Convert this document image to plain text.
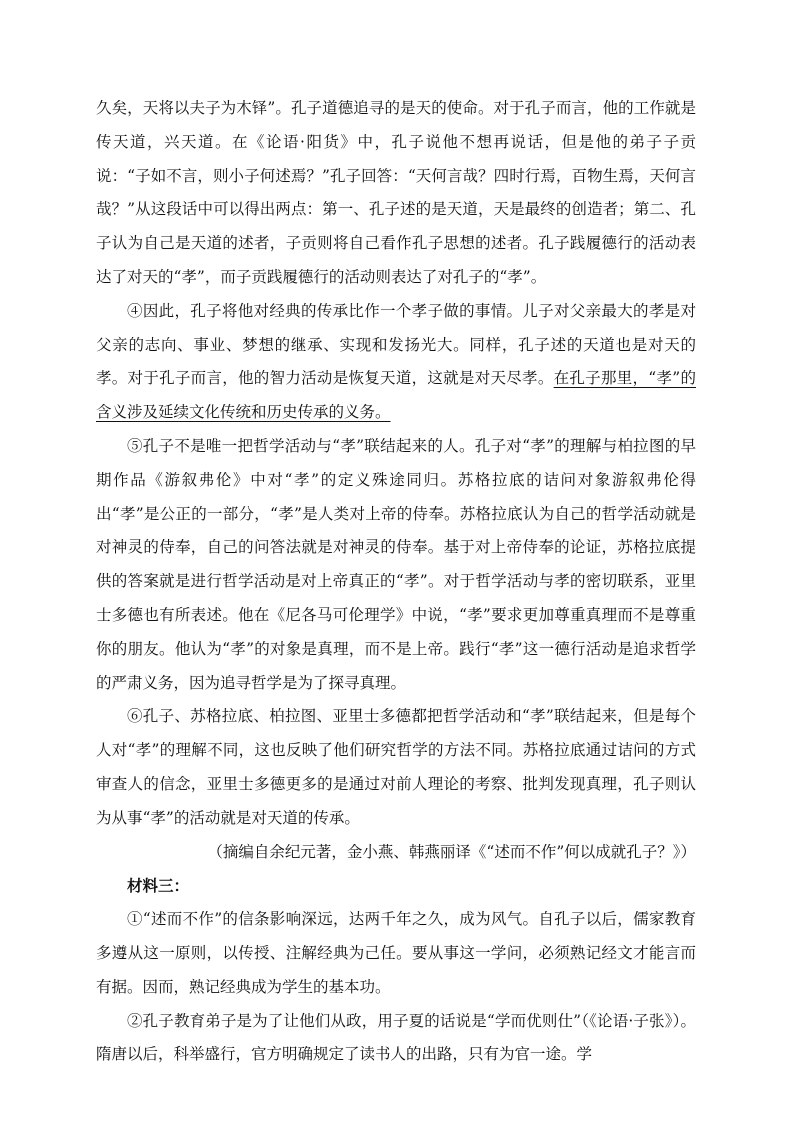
久矣，天将以夫子为木铎”。孔子道德追寻的是天的使命。对于孔子而言，他的工作就是传天道，兴天道。在《论语·阳货》中，孔子说他不想再说话，但是他的弟子子贡说：“子如不言，则小子何述焉？”孔子回答：“天何言哉？四时行焉，百物生焉，天何言哉？”从这段话中可以得出两点：第一、孔子述的是天道，天是最终的创造者；第二、孔子认为自己是天道的述者，子贡则将自己看作孔子思想的述者。孔子践履德行的活动表达了对天的“孝”，而子贡践履德行的活动则表达了对孔子的“孝”。

④因此，孔子将他对经典的传承比作一个孝子做的事情。儿子对父亲最大的孝是对父亲的志向、事业、梦想的继承、实现和发扬光大。同样，孔子述的天道也是对天的孝。对于孔子而言，他的智力活动是恢复天道，这就是对天尽孝。在孔子那里，“孝”的含义涉及延续文化传统和历史传承的义务。

⑤孔子不是唯一把哲学活动与“孝”联结起来的人。孔子对“孝”的理解与柏拉图的早期作品《游叙弗伦》中对“孝”的定义殊途同归。苏格拉底的诘问对象游叙弗伦得出“孝”是公正的一部分，“孝”是人类对上帝的侍奉。苏格拉底认为自己的哲学活动就是对神灵的侍奉，自己的问答法就是对神灵的侍奉。基于对上帝侍奉的论证，苏格拉底提供的答案就是进行哲学活动是对上帝真正的“孝”。对于哲学活动与孝的密切联系，亚里士多德也有所表述。他在《尼各马可伦理学》中说，“孝”要求更加尊重真理而不是尊重你的朋友。他认为“孝”的对象是真理，而不是上帝。践行“孝”这一德行活动是追求哲学的严肃义务，因为追寻哲学是为了探寻真理。

⑥孔子、苏格拉底、柏拉图、亚里士多德都把哲学活动和“孝”联结起来，但是每个人对“孝”的理解不同，这也反映了他们研究哲学的方法不同。苏格拉底通过诘问的方式审查人的信念，亚里士多德更多的是通过对前人理论的考察、批判发现真理，孔子则认为从事“孝”的活动就是对天道的传承。

（摘编自余纪元著，金小燕、韩燕丽译《“述而不作”何以成就孔子？》）

材料三：

①“述而不作”的信条影响深远，达两千年之久，成为风气。自孔子以后，儒家教育多遵从这一原则，以传授、注解经典为己任。要从事这一学问，必须熟记经文才能言而有据。因而，熟记经典成为学生的基本功。

②孔子教育弟子是为了让他们从政，用子夏的话说是“学而优则仕”（《论语·子张》）。隋唐以后，科举盛行，官方明确规定了读书人的出路，只有为官一途。学
